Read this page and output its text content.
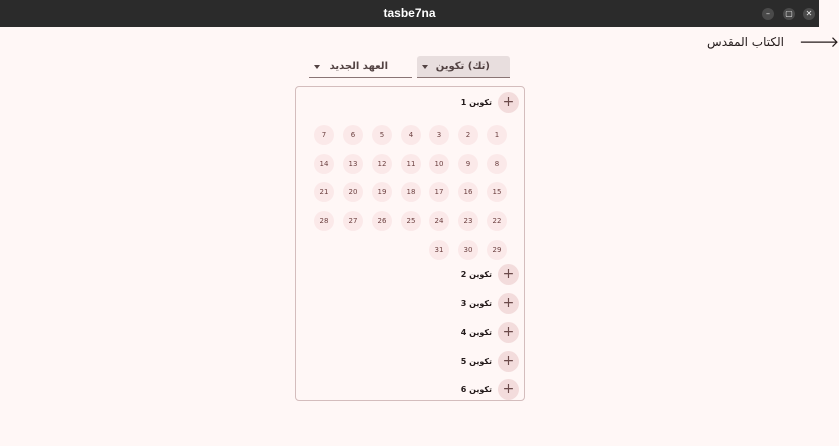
tasbe7na	–	▢	✕
🡒
الكتاب المقدس
(تك) تكوين
العهد الجديد
تكوين 1 +
1
2
3
4
5
6
7
8
9
10
11
12
13
14
15
16
17
18
19
20
21
22
23
24
25
26
27
28
29
30
31
تكوين 2 +
تكوين 3 +
تكوين 4 +
تكوين 5 +
تكوين 6 +
